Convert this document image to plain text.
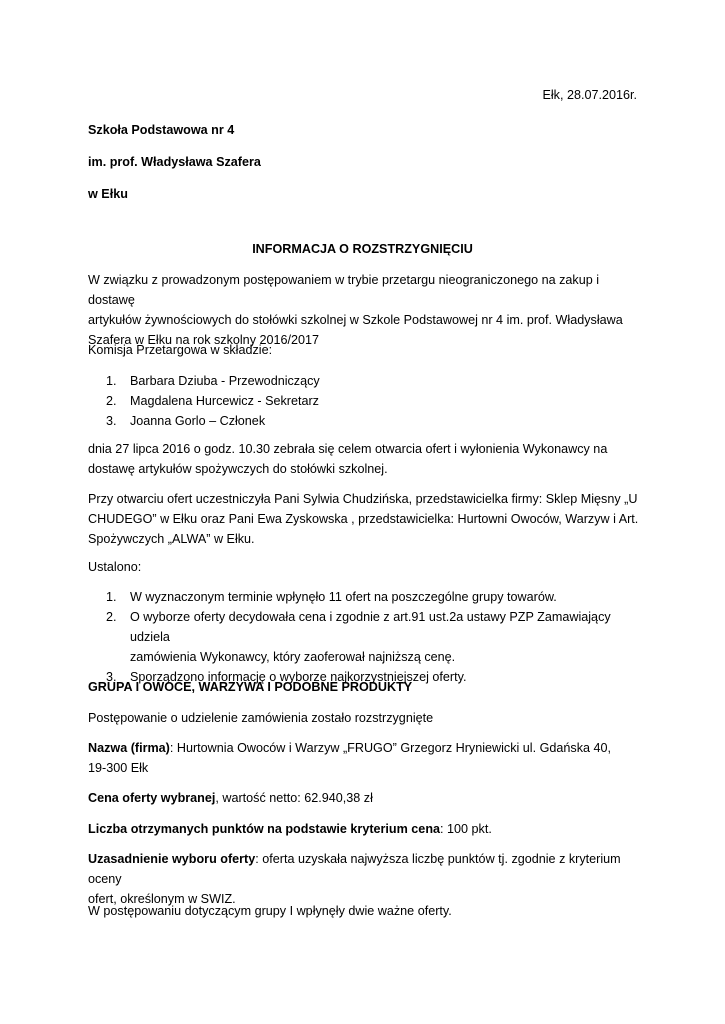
Ełk, 28.07.2016r.

Szkoła Podstawowa nr 4

im. prof. Władysława Szafera

w Ełku

INFORMACJA O ROZSTRZYGNIĘCIU

W związku z prowadzonym postępowaniem w trybie przetargu nieograniczonego na zakup i dostawę
artykułów żywnościowych do stołówki szkolnej w Szkole Podstawowej nr 4 im. prof. Władysława
Szafera w Ełku na rok szkolny 2016/2017

Komisja Przetargowa w składzie:

1. Barbara Dziuba - Przewodniczący
2. Magdalena Hurcewicz - Sekretarz
3. Joanna Gorlo – Członek
dnia 27 lipca 2016 o godz. 10.30 zebrała się celem otwarcia ofert i wyłonienia Wykonawcy na
dostawę artykułów spożywczych do stołówki szkolnej.
Przy otwarciu ofert uczestniczyła Pani Sylwia Chudzińska, przedstawicielka firmy: Sklep Mięsny „U
CHUDEGO” w Ełku oraz Pani Ewa Zyskowska , przedstawicielka: Hurtowni Owoców, Warzyw i Art.
Spożywczych „ALWA” w Ełku.

Ustalono:

1. W wyznaczonym terminie wpłynęło 11 ofert na poszczególne grupy towarów.
2. O wyborze oferty decydowała cena i zgodnie z art.91 ust.2a ustawy PZP Zamawiający udziela
zamówienia Wykonawcy, który zaoferował najniższą cenę.
3. Sporządzono informację o wyborze najkorzystniejszej oferty.

GRUPA I OWOCE, WARZYWA I PODOBNE PRODUKTY

Postępowanie o udzielenie zamówienia zostało rozstrzygnięte

Nazwa (firma): Hurtownia Owoców i Warzyw „FRUGO” Grzegorz Hryniewicki ul. Gdańska 40,
19-300 Ełk

Cena oferty wybranej, wartość netto: 62.940,38 zł

Liczba otrzymanych punktów na podstawie kryterium cena: 100 pkt.

Uzasadnienie wyboru oferty: oferta uzyskała najwyższa liczbę punktów tj. zgodnie z kryterium oceny
ofert, określonym w SWIZ.

W postępowaniu dotyczącym grupy I wpłynęły dwie ważne oferty.
